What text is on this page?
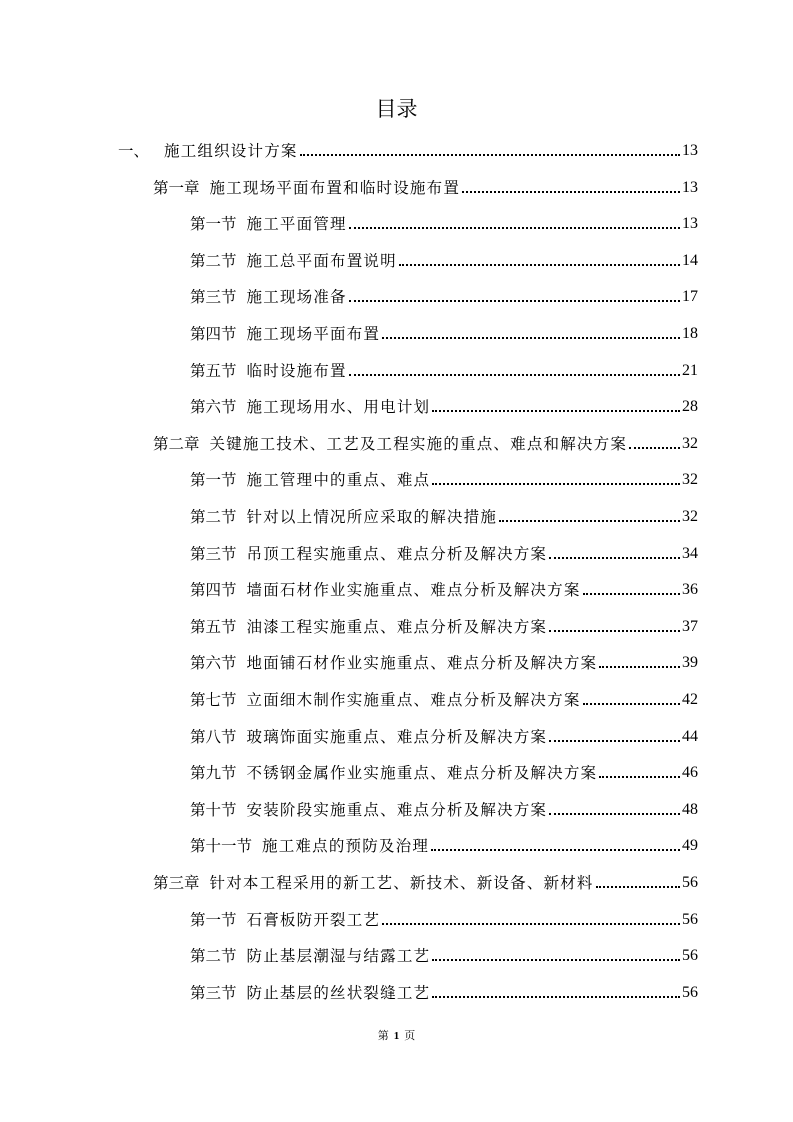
目录
一、 施工组织设计方案	13
第一章 施工现场平面布置和临时设施布置	13
第一节 施工平面管理	13
第二节 施工总平面布置说明	14
第三节 施工现场准备	17
第四节 施工现场平面布置	18
第五节 临时设施布置	21
第六节 施工现场用水、用电计划	28
第二章 关键施工技术、工艺及工程实施的重点、难点和解决方案	32
第一节 施工管理中的重点、难点	32
第二节 针对以上情况所应采取的解决措施	32
第三节 吊顶工程实施重点、难点分析及解决方案	34
第四节 墙面石材作业实施重点、难点分析及解决方案	36
第五节 油漆工程实施重点、难点分析及解决方案	37
第六节 地面铺石材作业实施重点、难点分析及解决方案	39
第七节 立面细木制作实施重点、难点分析及解决方案	42
第八节 玻璃饰面实施重点、难点分析及解决方案	44
第九节 不锈钢金属作业实施重点、难点分析及解决方案	46
第十节 安装阶段实施重点、难点分析及解决方案	48
第十一节 施工难点的预防及治理	49
第三章 针对本工程采用的新工艺、新技术、新设备、新材料	56
第一节 石膏板防开裂工艺	56
第二节 防止基层潮湿与结露工艺	56
第三节 防止基层的丝状裂缝工艺	56
第 1 页
